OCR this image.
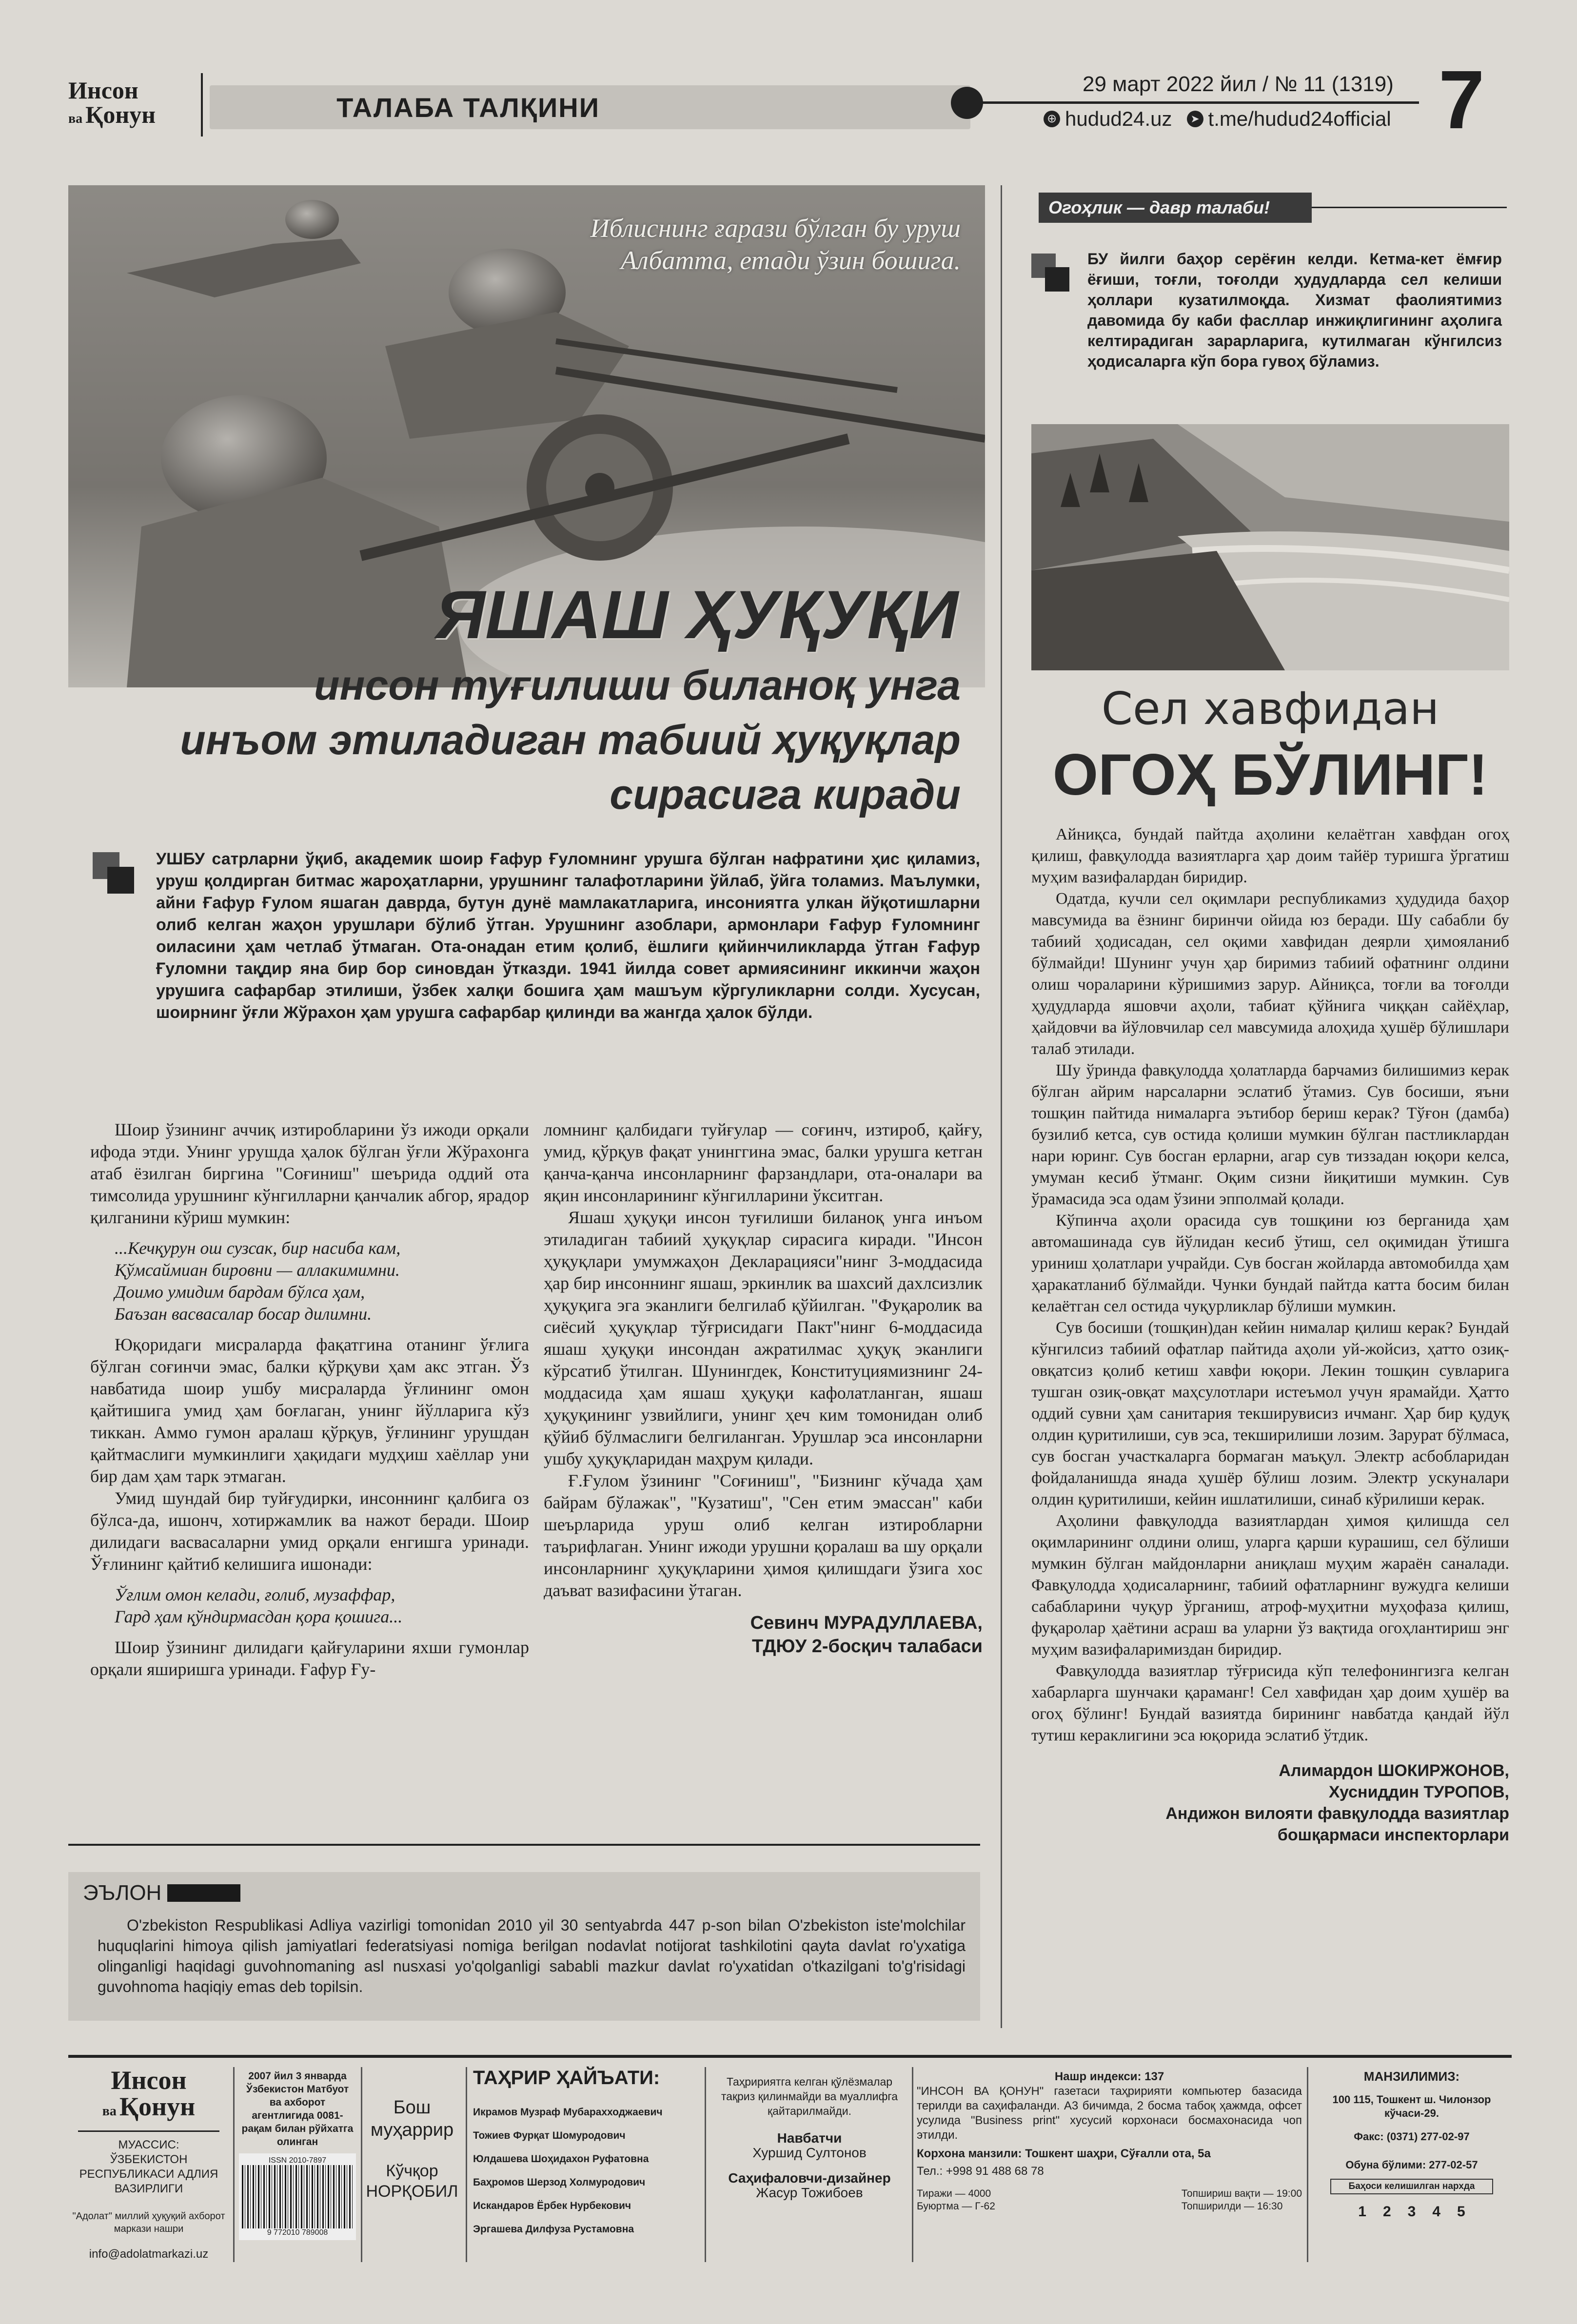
Инсон
ва Қонун	ТАЛАБА ТАЛҚИНИ
29 март 2022 йил / № 11 (1319)
⊕ hudud24.uz	➤ t.me/hudud24official 7
Иблиснинг ғарази бўлган бу уруш
Албатта, етади ўзин бошига.
ЯШАШ ҲУҚУҚИ
инсон туғилиши биланоқ унга
инъом этиладиган табиий ҳуқуқлар
сирасига киради
УШБУ сатрларни ўқиб, академик шоир Ғафур Ғуломнинг урушга бўлган нафратини ҳис қиламиз, уруш қолдирган битмас жароҳатларни, урушнинг талафотларини ўйлаб, ўйга толамиз. Маълумки, айни Ғафур Ғулом яшаган даврда, бутун дунё мамлакатларига, инсониятга улкан йўқотишларни олиб келган жаҳон урушлари бўлиб ўтган. Урушнинг азоблари, армонлари Ғафур Ғуломнинг оиласини ҳам четлаб ўтмаган. Ота-онадан етим қолиб, ёшлиги қийинчиликларда ўтган Ғафур Ғуломни тақдир яна бир бор синовдан ўтказди. 1941 йилда совет армиясининг иккинчи жаҳон урушига сафарбар этилиши, ўзбек халқи бошига ҳам машъум кўргуликларни солди. Хусусан, шоирнинг ўғли Жўрахон ҳам урушга сафарбар қилинди ва жангда ҳалок бўлди.

Шоир ўзининг аччиқ изтиробларини ўз ижоди орқали ифода этди. Унинг урушда ҳалок бўлган ўғли Жўрахонга атаб ёзилган биргина "Соғиниш" шеърида оддий ота тимсолида урушнинг кўнгилларни қанчалик абгор, ярадор қилганини кўриш мумкин:

...Кечқурун ош сузсак, бир насиба кам,

Қўмсаймиан бировни — аллакимимни.

Доимо умидим бардам бўлса ҳам,

Баъзан васвасалар босар дилимни.

Юқоридаги мисраларда фақатгина отанинг ўғлига бўлган соғинчи эмас, балки қўрқуви ҳам акс этган. Ўз навбатида шоир ушбу мисраларда ўғлининг омон қайтишига умид ҳам боғлаган, унинг йўлларига кўз тиккан. Аммо гумон аралаш қўрқув, ўғлининг урушдан қайтмаслиги мумкинлиги ҳақидаги мудҳиш хаёллар уни бир дам ҳам тарк этмаган.

Умид шундай бир туйғудирки, инсоннинг қалбига оз бўлса-да, ишонч, хотиржамлик ва нажот беради. Шоир дилидаги васвасаларни умид орқали енгишга уринади. Ўғлининг қайтиб келишига ишонади:

Ўғлим омон келади, ғолиб, музаффар,

Гард ҳам қўндирмасдан қора қошига...

Шоир ўзининг дилидаги қайғуларини яхши гумонлар орқали яширишга уринади. Ғафур Ғу-

ломнинг қалбидаги туйғулар — соғинч, изтироб, қайғу, умид, қўрқув фақат унинггина эмас, балки урушга кетган қанча-қанча инсонларнинг фарзандлари, ота-оналари ва яқин инсонларининг кўнгилларини ўкситган.

Яшаш ҳуқуқи инсон туғилиши биланоқ унга инъом этиладиган табиий ҳуқуқлар сирасига киради. "Инсон ҳуқуқлари умумжаҳон Декларацияси"нинг 3-моддасида ҳар бир инсоннинг яшаш, эркинлик ва шахсий дахлсизлик ҳуқуқига эга эканлиги белгилаб қўйилган. "Фуқаролик ва сиёсий ҳуқуқлар тўғрисидаги Пакт"нинг 6-моддасида яшаш ҳуқуқи инсондан ажратилмас ҳуқуқ эканлиги кўрсатиб ўтилган. Шунингдек, Конституциямизнинг 24-моддасида ҳам яшаш ҳуқуқи кафолатланган, яшаш ҳуқуқининг узвийлиги, унинг ҳеч ким томонидан олиб қўйиб бўлмаслиги белгиланган. Урушлар эса инсонларни ушбу ҳуқуқларидан маҳрум қилади.

Ғ.Ғулом ўзининг "Соғиниш", "Бизнинг кўчада ҳам байрам бўлажак", "Кузатиш", "Сен етим эмассан" каби шеърларида уруш олиб келган изтиробларни таърифлаган. Унинг ижоди урушни қоралаш ва шу орқали инсонларнинг ҳуқуқларини ҳимоя қилишдаги ўзига хос даъват вазифасини ўтаган.

Севинч МУРАДУЛЛАЕВА,
ТДЮУ 2-босқич талабаси
ЭЪЛОН
O'zbekiston Respublikasi Adliya vazirligi tomonidan 2010 yil 30 sentyabrda 447 p-son bilan O'zbekiston iste'molchilar huquqlarini himoya qilish jamiyatlari federatsiyasi nomiga berilgan nodavlat notijorat tashkilotini qayta davlat ro'yxatiga olinganligi haqidagi guvohnomaning asl nusxasi yo'qolganligi sababli mazkur davlat ro'yxatidan o'tkazilgani to'g'risidagi guvohnoma haqiqiy emas deb topilsin.
Огоҳлик — давр талаби!
БУ йилги баҳор серёғин келди. Кетма-кет ёмғир ёғиши, тоғли, тоғолди ҳудудларда сел келиши ҳоллари кузатилмоқда. Хизмат фаолиятимиз давомида бу каби фасллар инжиқлигининг аҳолига келтирадиган зарарларига, кутилмаган кўнгилсиз ҳодисаларга кўп бора гувоҳ бўламиз.
Сел хавфидан
ОГОҲ БЎЛИНГ!

Айниқса, бундай пайтда аҳолини келаётган хавфдан огоҳ қилиш, фавқулодда вазиятларга ҳар доим тайёр туришга ўргатиш муҳим вазифалардан биридир.

Одатда, кучли сел оқимлари республикамиз ҳудудида баҳор мавсумида ва ёзнинг биринчи ойида юз беради. Шу сабабли бу табиий ҳодисадан, сел оқими хавфидан деярли ҳимояланиб бўлмайди! Шунинг учун ҳар биримиз табиий офатнинг олдини олиш чораларини кўришимиз зарур. Айниқса, тоғли ва тоғолди ҳудудларда яшовчи аҳоли, табиат қўйнига чиққан сайёҳлар, ҳайдовчи ва йўловчилар сел мавсумида алоҳида ҳушёр бўлишлари талаб этилади.

Шу ўринда фавқулодда ҳолатларда барчамиз билишимиз керак бўлган айрим нарсаларни эслатиб ўтамиз. Сув босиши, яъни тошқин пайтида нималарга эътибор бериш керак? Тўғон (дамба) бузилиб кетса, сув остида қолиши мумкин бўлган пастликлардан нари юринг. Сув босган ерларни, агар сув тиззадан юқори келса, умуман кесиб ўтманг. Оқим сизни йиқитиши мумкин. Сув ўрамасида эса одам ўзини эпполмай қолади.

Кўпинча аҳоли орасида сув тошқини юз берганида ҳам автомашинада сув йўлидан кесиб ўтиш, сел оқимидан ўтишга уриниш ҳолатлари учрайди. Сув босган жойларда автомобилда ҳам ҳаракатланиб бўлмайди. Чунки бундай пайтда катта босим билан келаётган сел остида чуқурликлар бўлиши мумкин.

Сув босиши (тошқин)дан кейин нималар қилиш керак? Бундай кўнгилсиз табиий офатлар пайтида аҳоли уй-жойсиз, ҳатто озиқ-овқатсиз қолиб кетиш хавфи юқори. Лекин тошқин сувларига тушган озиқ-овқат маҳсулотлари истеъмол учун ярамайди. Ҳатто оддий сувни ҳам санитария текширувисиз ичманг. Ҳар бир қудуқ олдин қуритилиши, сув эса, текширилиши лозим. Зарурат бўлмаса, сув босган участкаларга бормаган маъқул. Электр асбобларидан фойдаланишда янада ҳушёр бўлиш лозим. Электр ускуналари олдин қуритилиши, кейин ишлатилиши, синаб кўрилиши керак.

Аҳолини фавқулодда вазиятлардан ҳимоя қилишда сел оқимларининг олдини олиш, уларга қарши курашиш, сел бўлиши мумкин бўлган майдонларни аниқлаш муҳим жараён саналади. Фавқулодда ҳодисаларнинг, табиий офатларнинг вужудга келиши сабабларини чуқур ўрганиш, атроф-муҳитни муҳофаза қилиш, фуқаролар ҳаётини асраш ва уларни ўз вақтида огоҳлантириш энг муҳим вазифаларимиздан биридир.

Фавқулодда вазиятлар тўғрисида кўп телефонингизга келган хабарларга шунчаки қараманг! Сел хавфидан ҳар доим ҳушёр ва огоҳ бўлинг! Бундай вазиятда бирининг навбатда қандай йўл тутиш кераклигини эса юқорида эслатиб ўтдик.

Алимардон ШОКИРЖОНОВ,
Хусниддин ТУРОПОВ,
Андижон вилояти фавқулодда вазиятлар
бошқармаси инспекторлари
Инсон
ва Қонун
МУАССИС:
ЎЗБЕКИСТОН РЕСПУБЛИКАСИ АДЛИЯ ВАЗИРЛИГИ
"Адолат" миллий ҳуқуқий ахборот маркази нашри
info@adolatmarkazi.uz
2007 йил 3 январда Ўзбекистон Матбуот ва ахборот агентлигида 0081-рақам билан рўйхатга олинган
ISSN 2010-7897
9 772010 789008
Бош муҳаррир
Кўчқор НОРҚОБИЛ
ТАҲРИР ҲАЙЪАТИ:
Икрамов Музраф Мубарахходжаевич
Тожиев Фурқат Шомуродович
Юлдашева Шоҳидахон Руфатовна
Баҳромов Шерзод Холмуродович
Искандаров Ёрбек Нурбекович
Эргашева Дилфуза Рустамовна
Таҳририятга келган қўлёзмалар тақриз қилинмайди ва муаллифга қайтарилмайди.
Навбатчи
Хуршид Султонов
Саҳифаловчи-дизайнер
Жасур Тожибоев
Нашр индекси: 137
"ИНСОН ВА ҚОНУН" газетаси таҳририяти компьютер базасида терилди ва саҳифаланди. А3 бичимда, 2 босма табоқ ҳажмда, офсет усулида "Business print" хусусий корхонаси босмахонасида чоп этилди.
Корхона манзили: Тошкент шаҳри, Сўғалли ота, 5а
Тел.: +998 91 488 68 78
Тиражи — 4000
Буюртма — Г-62
Топшириш вақти — 19:00
Топширилди — 16:30
МАНЗИЛИМИЗ:
100 115, Тошкент ш. Чилонзор кўчаси-29.
Факс: (0371) 277-02-97
Обуна бўлими: 277-02-57
Баҳоси келишилган нархда
1 2 3 4 5
